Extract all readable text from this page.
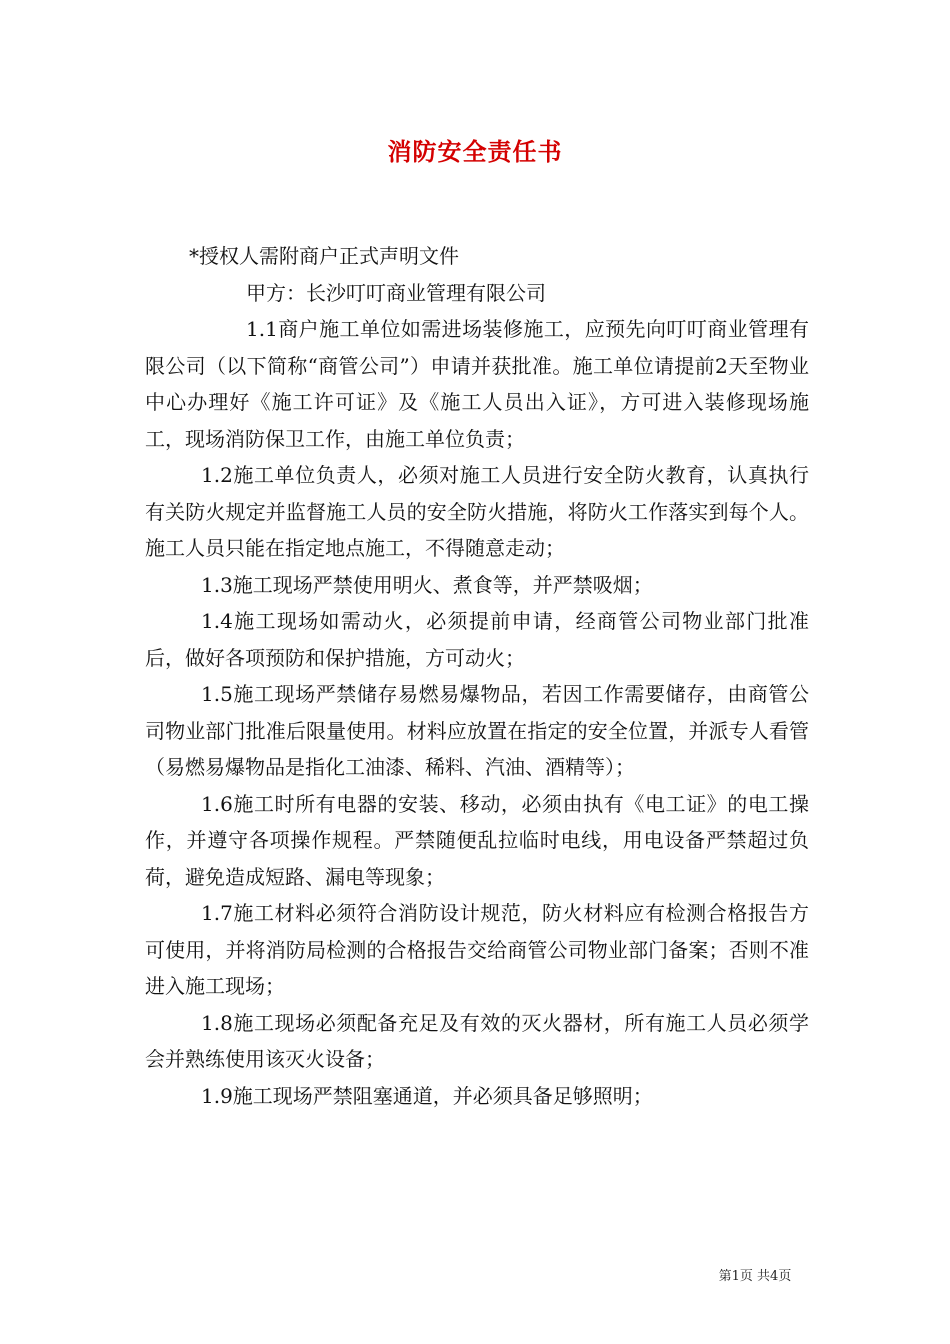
消防安全责任书
*授权人需附商户正式声明文件
甲方：长沙叮叮商业管理有限公司
1.1商户施工单位如需进场装修施工，应预先向叮叮商业管理有限公司（以下简称“商管公司”）申请并获批准。施工单位请提前2天至物业中心办理好《施工许可证》及《施工人员出入证》，方可进入装修现场施工，现场消防保卫工作，由施工单位负责；
1.2施工单位负责人，必须对施工人员进行安全防火教育，认真执行有关防火规定并监督施工人员的安全防火措施，将防火工作落实到每个人。施工人员只能在指定地点施工，不得随意走动；
1.3施工现场严禁使用明火、煮食等，并严禁吸烟；
1.4施工现场如需动火，必须提前申请，经商管公司物业部门批准后，做好各项预防和保护措施，方可动火；
1.5施工现场严禁储存易燃易爆物品，若因工作需要储存，由商管公司物业部门批准后限量使用。材料应放置在指定的安全位置，并派专人看管（易燃易爆物品是指化工油漆、稀料、汽油、酒精等）；
1.6施工时所有电器的安装、移动，必须由执有《电工证》的电工操作，并遵守各项操作规程。严禁随便乱拉临时电线，用电设备严禁超过负荷，避免造成短路、漏电等现象；
1.7施工材料必须符合消防设计规范，防火材料应有检测合格报告方可使用，并将消防局检测的合格报告交给商管公司物业部门备案；否则不准进入施工现场；
1.8施工现场必须配备充足及有效的灭火器材，所有施工人员必须学会并熟练使用该灭火设备；
1.9施工现场严禁阻塞通道，并必须具备足够照明；
第1页 共4页
